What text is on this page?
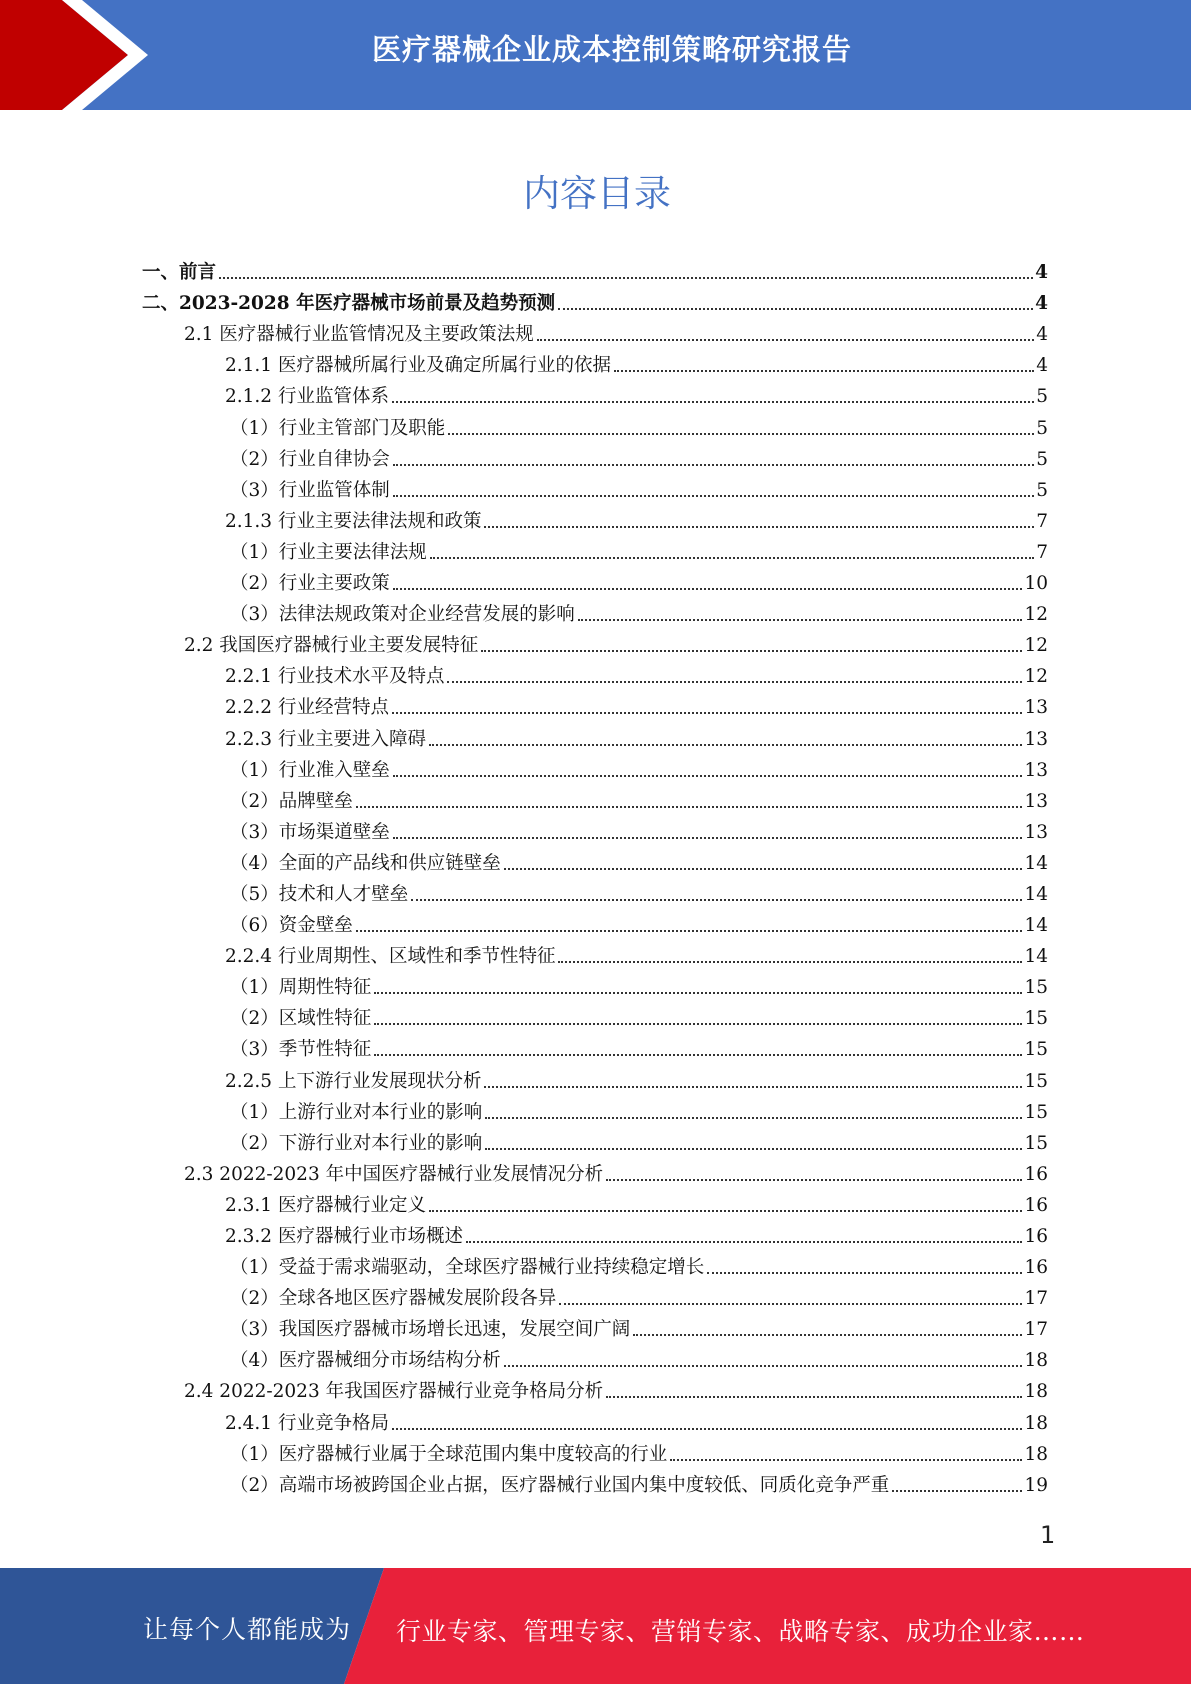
医疗器械企业成本控制策略研究报告
内容目录
一、前言	4
二、2023-2028 年医疗器械市场前景及趋势预测	4
2.1 医疗器械行业监管情况及主要政策法规	4
2.1.1 医疗器械所属行业及确定所属行业的依据	4
2.1.2 行业监管体系	5
（1）行业主管部门及职能	5
（2）行业自律协会	5
（3）行业监管体制	5
2.1.3 行业主要法律法规和政策	7
（1）行业主要法律法规	7
（2）行业主要政策	10
（3）法律法规政策对企业经营发展的影响	12
2.2 我国医疗器械行业主要发展特征	12
2.2.1 行业技术水平及特点	12
2.2.2 行业经营特点	13
2.2.3 行业主要进入障碍	13
（1）行业准入壁垒	13
（2）品牌壁垒	13
（3）市场渠道壁垒	13
（4）全面的产品线和供应链壁垒	14
（5）技术和人才壁垒	14
（6）资金壁垒	14
2.2.4 行业周期性、区域性和季节性特征	14
（1）周期性特征	15
（2）区域性特征	15
（3）季节性特征	15
2.2.5 上下游行业发展现状分析	15
（1）上游行业对本行业的影响	15
（2）下游行业对本行业的影响	15
2.3 2022-2023 年中国医疗器械行业发展情况分析	16
2.3.1 医疗器械行业定义	16
2.3.2 医疗器械行业市场概述	16
（1）受益于需求端驱动，全球医疗器械行业持续稳定增长	16
（2）全球各地区医疗器械发展阶段各异	17
（3）我国医疗器械市场增长迅速，发展空间广阔	17
（4）医疗器械细分市场结构分析	18
2.4 2022-2023 年我国医疗器械行业竞争格局分析	18
2.4.1 行业竞争格局	18
（1）医疗器械行业属于全球范围内集中度较高的行业	18
（2）高端市场被跨国企业占据，医疗器械行业国内集中度较低、同质化竞争严重	19
1
让每个人都能成为 行业专家、管理专家、营销专家、战略专家、成功企业家……
